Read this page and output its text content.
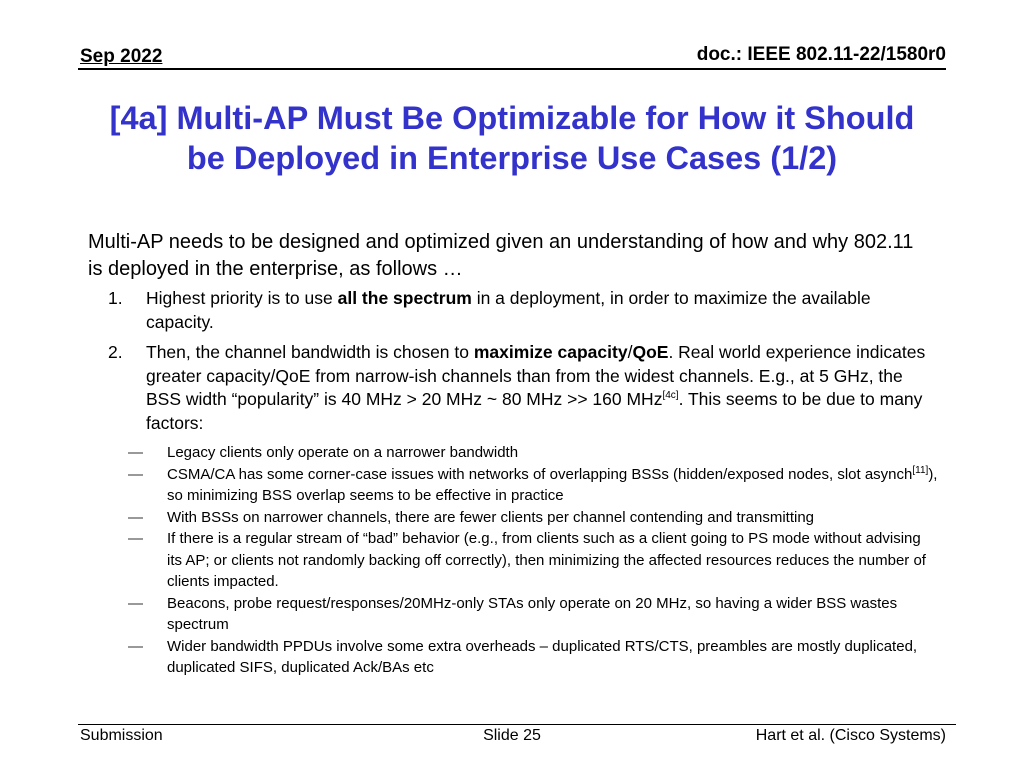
Sep 2022	doc.: IEEE 802.11-22/1580r0
[4a] Multi-AP Must Be Optimizable for How it Should
be Deployed in Enterprise Use Cases (1/2)
Multi-AP needs to be designed and optimized given an understanding of how and why 802.11 is deployed in the enterprise, as follows …
1. Highest priority is to use all the spectrum in a deployment, in order to maximize the available capacity.
2. Then, the channel bandwidth is chosen to maximize capacity/QoE. Real world experience indicates greater capacity/QoE from narrow-ish channels than from the widest channels. E.g., at 5 GHz, the BSS width “popularity” is 40 MHz > 20 MHz ~ 80 MHz >> 160 MHz[4c]. This seems to be due to many factors:
— Legacy clients only operate on a narrower bandwidth
— CSMA/CA has some corner-case issues with networks of overlapping BSSs (hidden/exposed nodes, slot asynch[11]), so minimizing BSS overlap seems to be effective in practice
— With BSSs on narrower channels, there are fewer clients per channel contending and transmitting
— If there is a regular stream of “bad” behavior (e.g., from clients such as a client going to PS mode without advising its AP; or clients not randomly backing off correctly), then minimizing the affected resources reduces the number of clients impacted.
— Beacons, probe request/responses/20MHz-only STAs only operate on 20 MHz, so having a wider BSS wastes spectrum
— Wider bandwidth PPDUs involve some extra overheads – duplicated RTS/CTS, preambles are mostly duplicated, duplicated SIFS, duplicated Ack/BAs etc
Submission	Slide 25	Hart et al. (Cisco Systems)
